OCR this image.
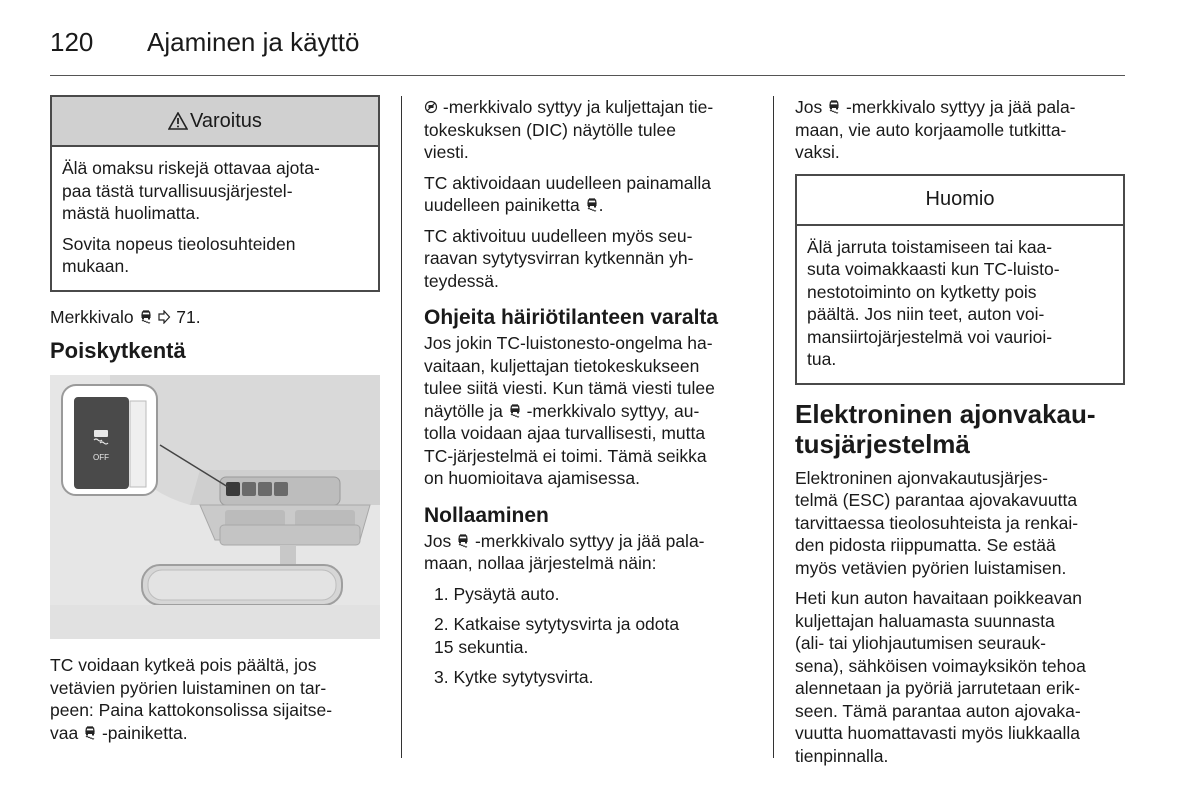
120 Ajaminen ja käyttö
Varoitus

Älä omaksu riskejä ottavaa ajota-
paa tästä turvallisuusjärjestel-
mästä huolimatta.

Sovita nopeus tieolosuhteiden
mukaan.

Merkkivalo 71.

Poiskytkentä
OFF

TC voidaan kytkeä pois päältä, jos
vetävien pyörien luistaminen on tar-
peen: Paina kattokonsolissa sijaitse-
vaa -painiketta.

-merkkivalo syttyy ja kuljettajan tie-
tokeskuksen (DIC) näytölle tulee
viesti.

TC aktivoidaan uudelleen painamalla
uudelleen painiketta .

TC aktivoituu uudelleen myös seu-
raavan sytytysvirran kytkennän yh-
teydessä.

Ohjeita häiriötilanteen varalta

Jos jokin TC-luistonesto-ongelma ha-
vaitaan, kuljettajan tietokeskukseen
tulee siitä viesti. Kun tämä viesti tulee
näytölle ja -merkkivalo syttyy, au-
tolla voidaan ajaa turvallisesti, mutta
TC-järjestelmä ei toimi. Tämä seikka
on huomioitava ajamisessa.

Nollaaminen

Jos -merkkivalo syttyy ja jää pala-
maan, nollaa järjestelmä näin:

1. Pysäytä auto.
2. Katkaise sytytysvirta ja odota
15 sekuntia.
3. Kytke sytytysvirta.

Jos -merkkivalo syttyy ja jää pala-
maan, vie auto korjaamolle tutkitta-
vaksi.

Huomio

Älä jarruta toistamiseen tai kaa-
suta voimakkaasti kun TC-luisto-
nestotoiminto on kytketty pois
päältä. Jos niin teet, auton voi-
mansiirtojärjestelmä voi vaurioi-
tua.

Elektroninen ajonvakau-
tusjärjestelmä

Elektroninen ajonvakautusjärjes-
telmä (ESC) parantaa ajovakavuutta
tarvittaessa tieolosuhteista ja renkai-
den pidosta riippumatta. Se estää
myös vetävien pyörien luistamisen.

Heti kun auton havaitaan poikkeavan
kuljettajan haluamasta suunnasta
(ali- tai yliohjautumisen seurauk-
sena), sähköisen voimayksikön tehoa
alennetaan ja pyöriä jarrutetaan erik-
seen. Tämä parantaa auton ajovaka-
vuutta huomattavasti myös liukkaalla
tienpinnalla.
